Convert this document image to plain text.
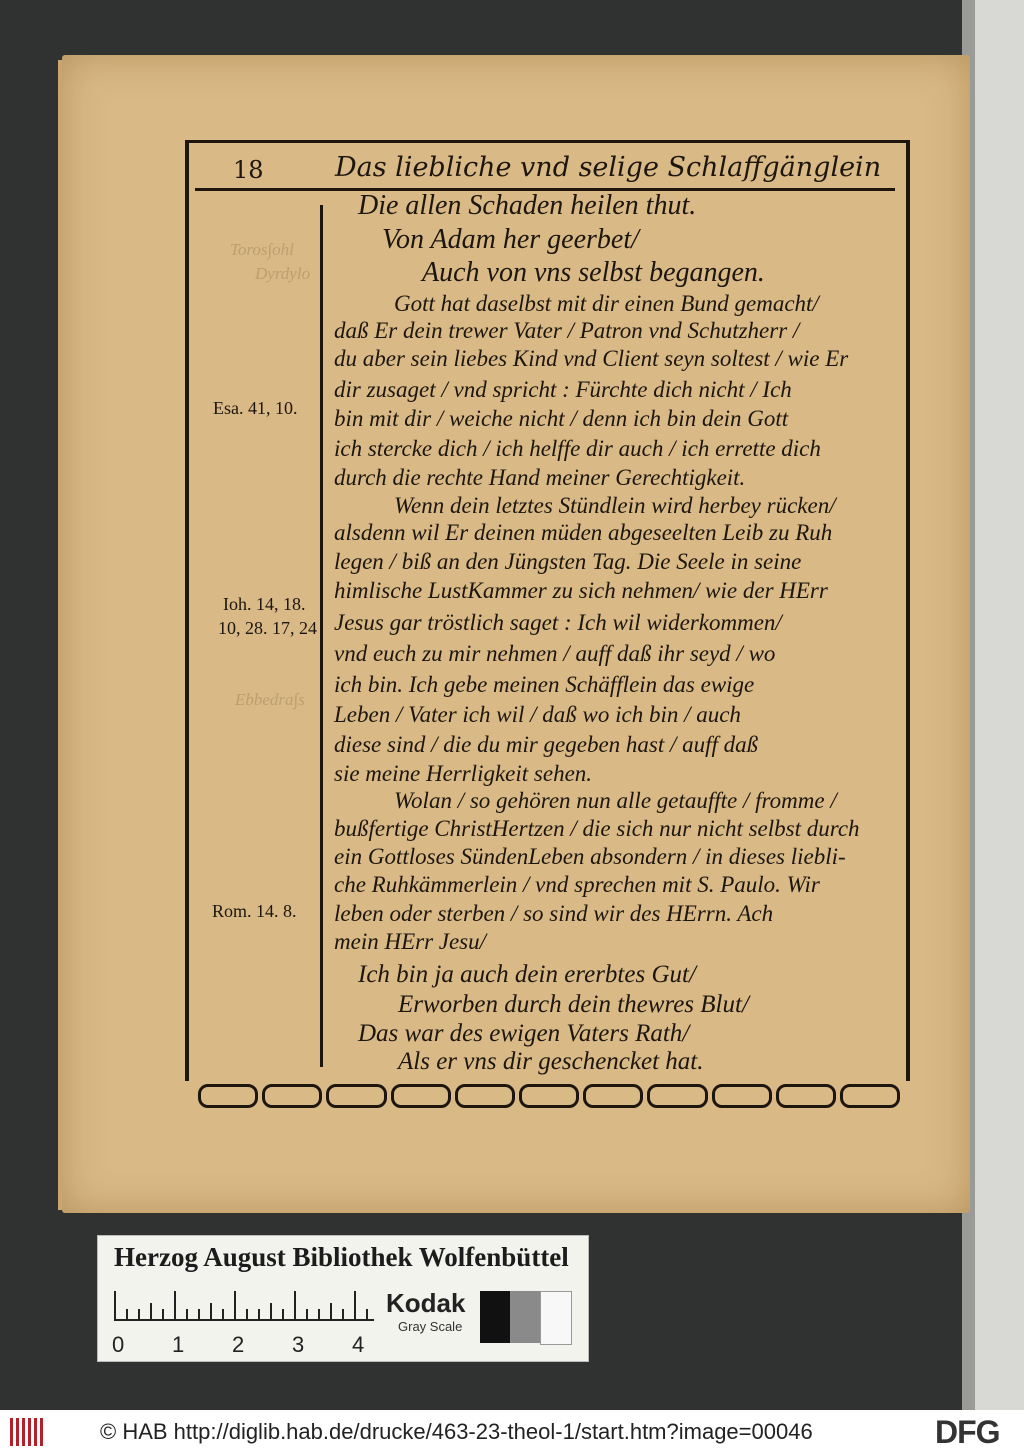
Toros∫ohl
Dyrdylo
Ebbedra∫s
18	Das liebliche vnd selige Schlaffgänglein
Esa. 41, 10.
Ioh. 14, 18.
10, 28. 17, 24
Rom. 14. 8.
Die allen Schaden heilen thut.
Von Adam her geerbet/
Auch von vns selbst begangen.
Gott hat daselbst mit dir einen Bund gemacht/
daß Er dein trewer Vater / Patron vnd Schutzherr /
du aber sein liebes Kind vnd Client seyn soltest / wie Er
dir zusaget / vnd spricht : Fürchte dich nicht / Ich
bin mit dir / weiche nicht / denn ich bin dein Gott
ich stercke dich / ich helffe dir auch / ich errette dich
durch die rechte Hand meiner Gerechtigkeit.
Wenn dein letztes Stündlein wird herbey rücken/
alsdenn wil Er deinen müden abgeseelten Leib zu Ruh
legen / biß an den Jüngsten Tag. Die Seele in seine
himlische LustKammer zu sich nehmen/ wie der HErr
Jesus gar tröstlich saget : Ich wil widerkommen/
vnd euch zu mir nehmen / auff daß ihr seyd / wo
ich bin. Ich gebe meinen Schäfflein das ewige
Leben / Vater ich wil / daß wo ich bin / auch
diese sind / die du mir gegeben hast / auff daß
sie meine Herrligkeit sehen.
Wolan / so gehören nun alle getauffte / fromme /
bußfertige ChristHertzen / die sich nur nicht selbst durch
ein Gottloses SündenLeben absondern / in dieses liebli-
che Ruhkämmerlein / vnd sprechen mit S. Paulo. Wir
leben oder sterben / so sind wir des HErrn. Ach
mein HErr Jesu/
Ich bin ja auch dein ererbtes Gut/
Erworben durch dein thewres Blut/
Das war des ewigen Vaters Rath/
Als er vns dir geschencket hat.
Herzog August Bibliothek Wolfenbüttel
0 1 2 3 4
Kodak
Gray Scale
© HAB http://diglib.hab.de/drucke/463-23-theol-1/start.htm?image=00046	DFG
